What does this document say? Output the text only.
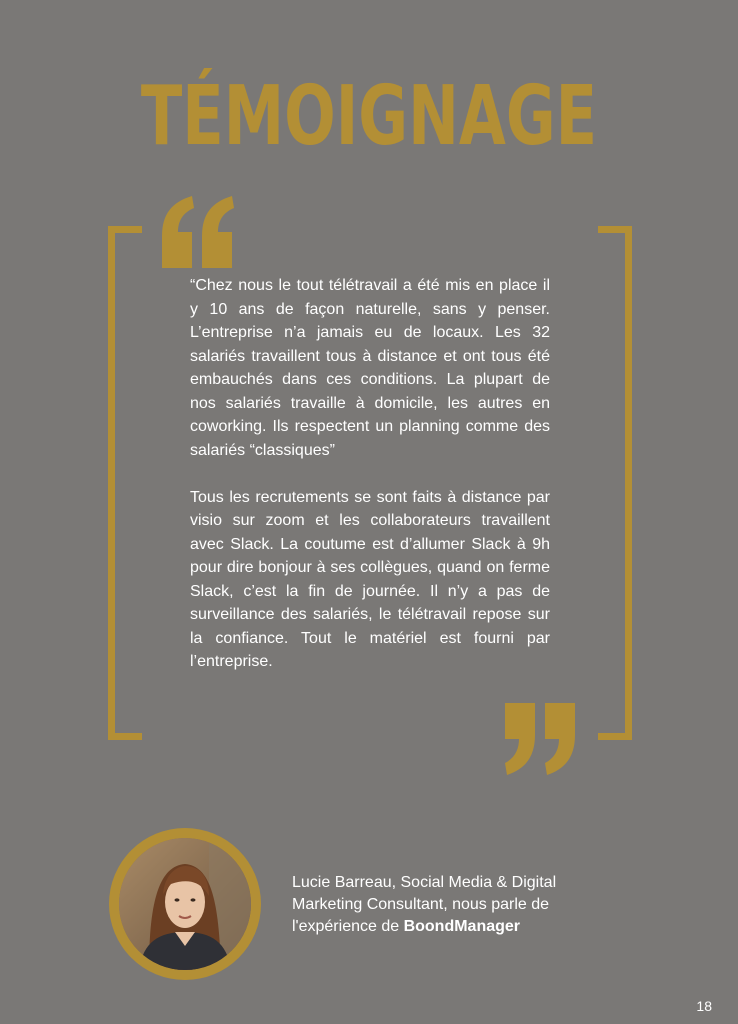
TÉMOIGNAGE

“Chez nous le tout télétravail a été mis en place il y 10 ans de façon naturelle, sans y penser. L’entreprise n’a jamais eu de locaux. Les 32 salariés travaillent tous à distance et ont tous été embauchés dans ces conditions. La plupart de nos salariés travaille à domicile, les autres en coworking. Ils respectent un planning comme des salariés “classiques”

Tous les recrutements se sont faits à distance par visio sur zoom et les collaborateurs travaillent avec Slack. La coutume est d’allumer Slack à 9h pour dire bonjour à ses collègues, quand on ferme Slack, c’est la fin de journée. Il n’y a pas de surveillance des salariés, le télétravail repose sur la confiance. Tout le matériel est fourni par l’entreprise.

Lucie Barreau, Social Media & Digital Marketing Consultant, nous parle de l'expérience de BoondManager

18
